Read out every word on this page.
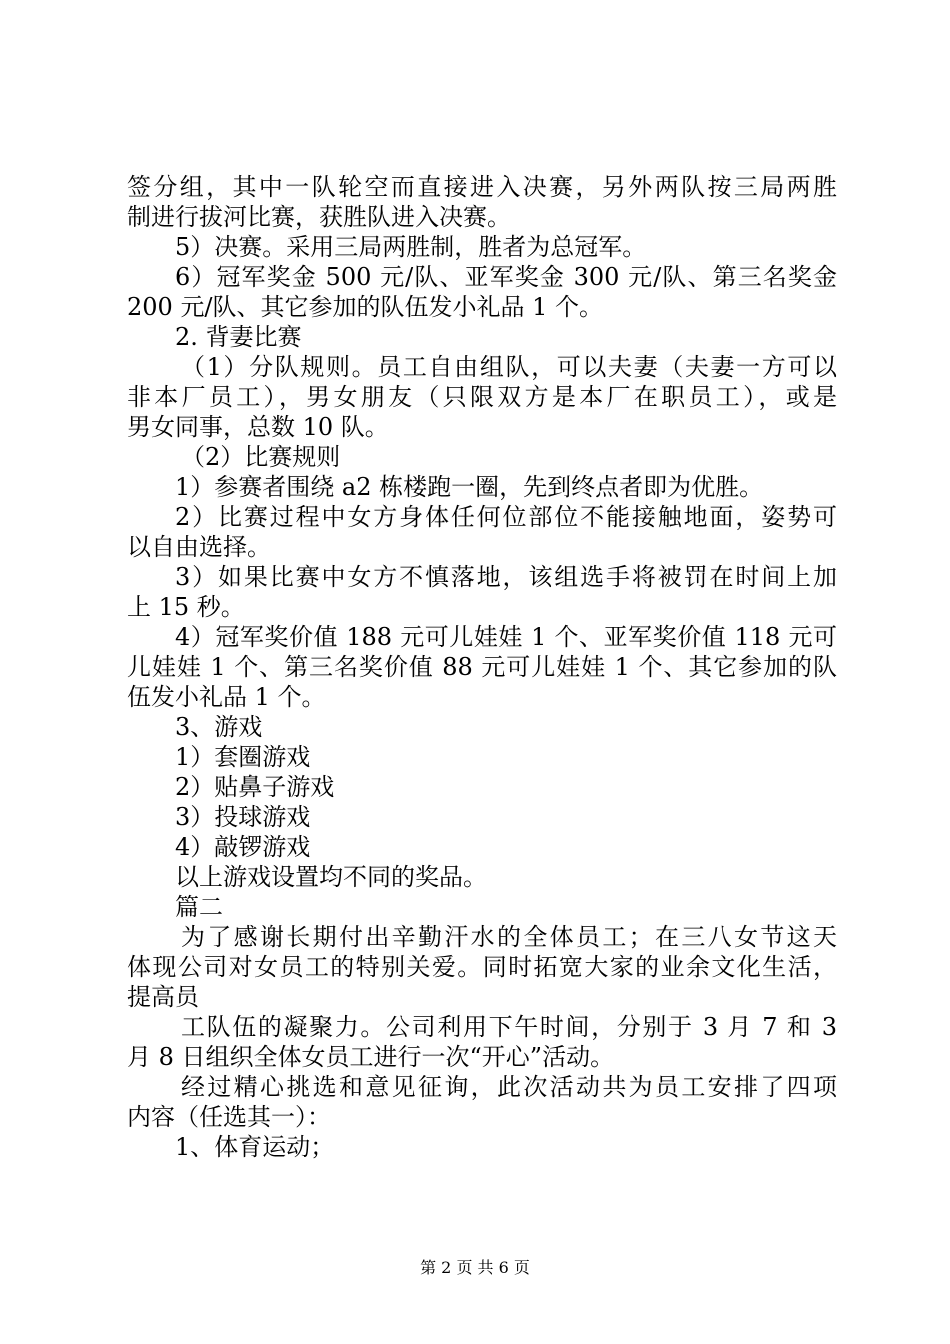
签分组，其中一队轮空而直接进入决赛，另外两队按三局两胜
制进行拔河比赛，获胜队进入决赛。
5）决赛。采用三局两胜制，胜者为总冠军。
6）冠军奖金 500 元/队、亚军奖金 300 元/队、第三名奖金
200 元/队、其它参加的队伍发小礼品 1 个。
2. 背妻比赛
（1）分队规则。员工自由组队，可以夫妻（夫妻一方可以
非本厂员工），男女朋友（只限双方是本厂在职员工），或是
男女同事，总数 10 队。
（2）比赛规则
1）参赛者围绕 a2 栋楼跑一圈，先到终点者即为优胜。
2）比赛过程中女方身体任何位部位不能接触地面，姿势可
以自由选择。
3）如果比赛中女方不慎落地，该组选手将被罚在时间上加
上 15 秒。
4）冠军奖价值 188 元可儿娃娃 1 个、亚军奖价值 118 元可
儿娃娃 1 个、第三名奖价值 88 元可儿娃娃 1 个、其它参加的队
伍发小礼品 1 个。
3、游戏
1）套圈游戏
2）贴鼻子游戏
3）投球游戏
4）敲锣游戏
以上游戏设置均不同的奖品。
篇二
为了感谢长期付出辛勤汗水的全体员工；在三八女节这天
体现公司对女员工的特别关爱。同时拓宽大家的业余文化生活，
提高员
工队伍的凝聚力。公司利用下午时间，分别于 3 月 7 和 3
月 8 日组织全体女员工进行一次“开心”活动。
经过精心挑选和意见征询，此次活动共为员工安排了四项
内容（任选其一）：
1、体育运动；
第 2 页 共 6 页
